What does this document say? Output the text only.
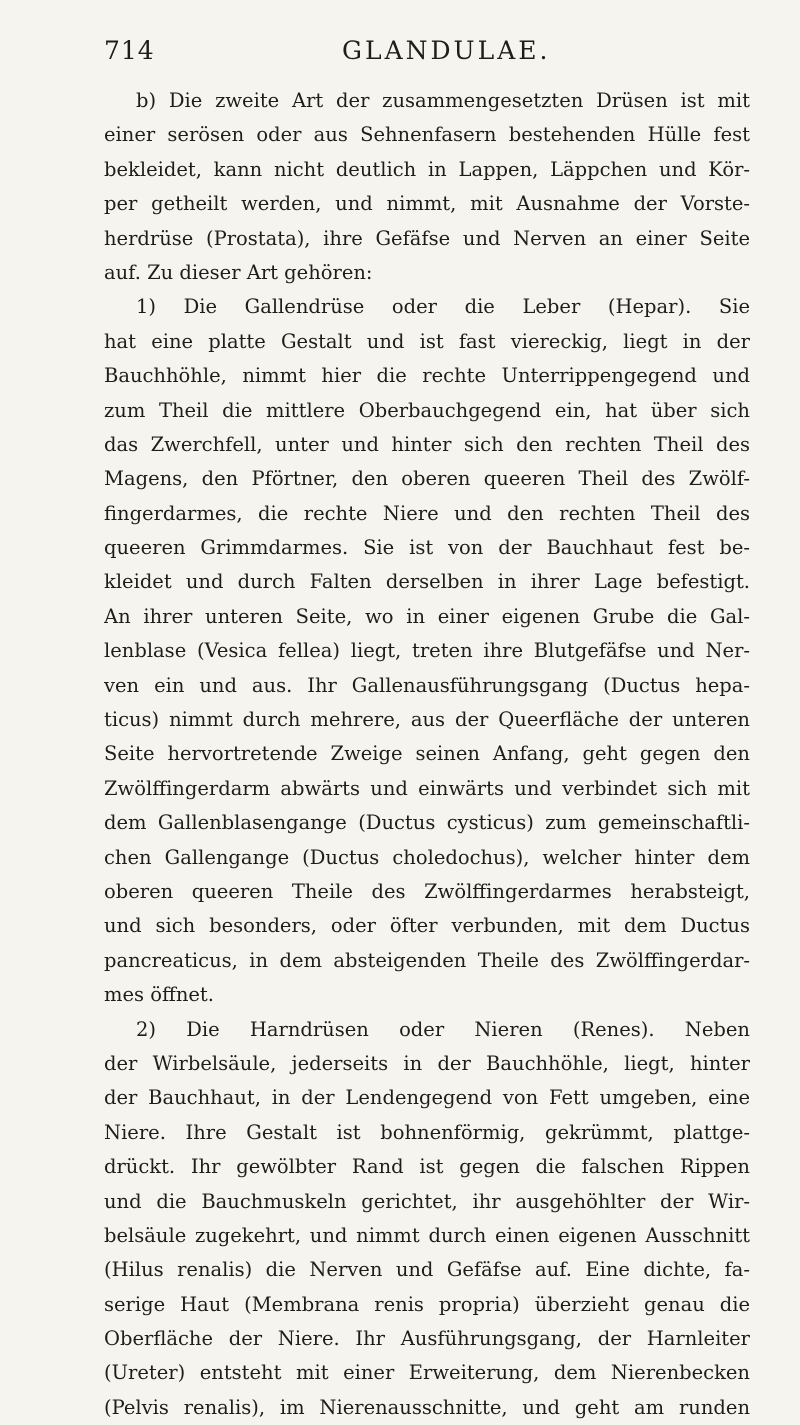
714	GLANDULAE.
b) Die zweite Art der zusammengesetzten Drüsen ist mit
einer serösen oder aus Sehnenfasern bestehenden Hülle fest
bekleidet, kann nicht deutlich in Lappen, Läppchen und Kör-
per getheilt werden, und nimmt, mit Ausnahme der Vorste-
herdrüse (Prostata), ihre Gefäfse und Nerven an einer Seite
auf. Zu dieser Art gehören:
1) Die Gallendrüse oder die Leber (Hepar). Sie
hat eine platte Gestalt und ist fast viereckig, liegt in der
Bauchhöhle, nimmt hier die rechte Unterrippengegend und
zum Theil die mittlere Oberbauchgegend ein, hat über sich
das Zwerchfell, unter und hinter sich den rechten Theil des
Magens, den Pförtner, den oberen queeren Theil des Zwölf-
fingerdarmes, die rechte Niere und den rechten Theil des
queeren Grimmdarmes. Sie ist von der Bauchhaut fest be-
kleidet und durch Falten derselben in ihrer Lage befestigt.
An ihrer unteren Seite, wo in einer eigenen Grube die Gal-
lenblase (Vesica fellea) liegt, treten ihre Blutgefäfse und Ner-
ven ein und aus. Ihr Gallenausführungsgang (Ductus hepa-
ticus) nimmt durch mehrere, aus der Queerfläche der unteren
Seite hervortretende Zweige seinen Anfang, geht gegen den
Zwölffingerdarm abwärts und einwärts und verbindet sich mit
dem Gallenblasengange (Ductus cysticus) zum gemeinschaftli-
chen Gallengange (Ductus choledochus), welcher hinter dem
oberen queeren Theile des Zwölffingerdarmes herabsteigt,
und sich besonders, oder öfter verbunden, mit dem Ductus
pancreaticus, in dem absteigenden Theile des Zwölffingerdar-
mes öffnet.
2) Die Harndrüsen oder Nieren (Renes). Neben
der Wirbelsäule, jederseits in der Bauchhöhle, liegt, hinter
der Bauchhaut, in der Lendengegend von Fett umgeben, eine
Niere. Ihre Gestalt ist bohnenförmig, gekrümmt, plattge-
drückt. Ihr gewölbter Rand ist gegen die falschen Rippen
und die Bauchmuskeln gerichtet, ihr ausgehöhlter der Wir-
belsäule zugekehrt, und nimmt durch einen eigenen Ausschnitt
(Hilus renalis) die Nerven und Gefäfse auf. Eine dichte, fa-
serige Haut (Membrana renis propria) überzieht genau die
Oberfläche der Niere. Ihr Ausführungsgang, der Harnleiter
(Ureter) entsteht mit einer Erweiterung, dem Nierenbecken
(Pelvis renalis), im Nierenausschnitte, und geht am runden
